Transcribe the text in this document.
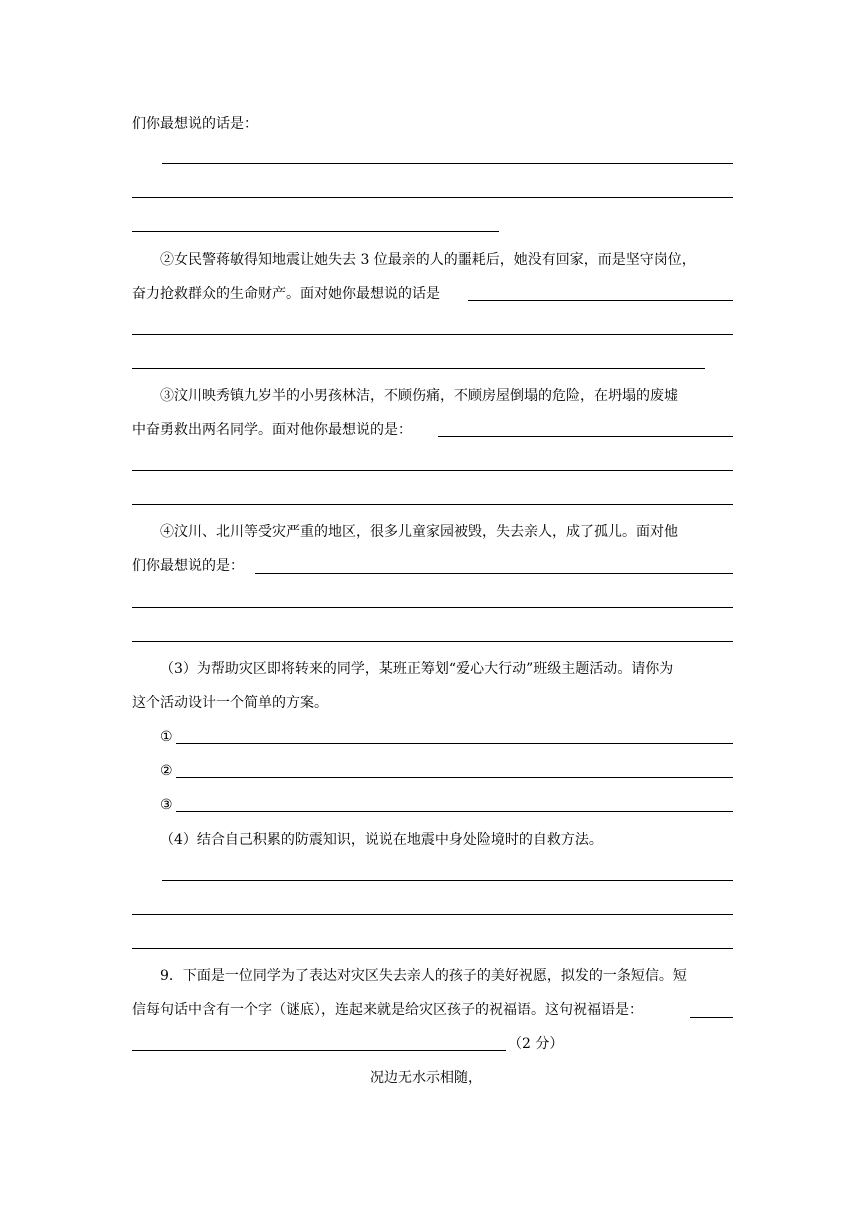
们你最想说的话是：
②女民警蒋敏得知地震让她失去 3 位最亲的人的噩耗后，她没有回家，而是坚守岗位，
奋力抢救群众的生命财产。面对她你最想说的话是
③汶川映秀镇九岁半的小男孩林洁，不顾伤痛，不顾房屋倒塌的危险，在坍塌的废墟
中奋勇救出两名同学。面对他你最想说的是：
④汶川、北川等受灾严重的地区，很多儿童家园被毁，失去亲人，成了孤儿。面对他
们你最想说的是：
（3）为帮助灾区即将转来的同学，某班正筹划“爱心大行动”班级主题活动。请你为
这个活动设计一个简单的方案。
①
②
③
（4）结合自己积累的防震知识，说说在地震中身处险境时的自救方法。
9．下面是一位同学为了表达对灾区失去亲人的孩子的美好祝愿，拟发的一条短信。短
信每句话中含有一个字（谜底），连起来就是给灾区孩子的祝福语。这句祝福语是：
（2 分）
况边无水示相随，
